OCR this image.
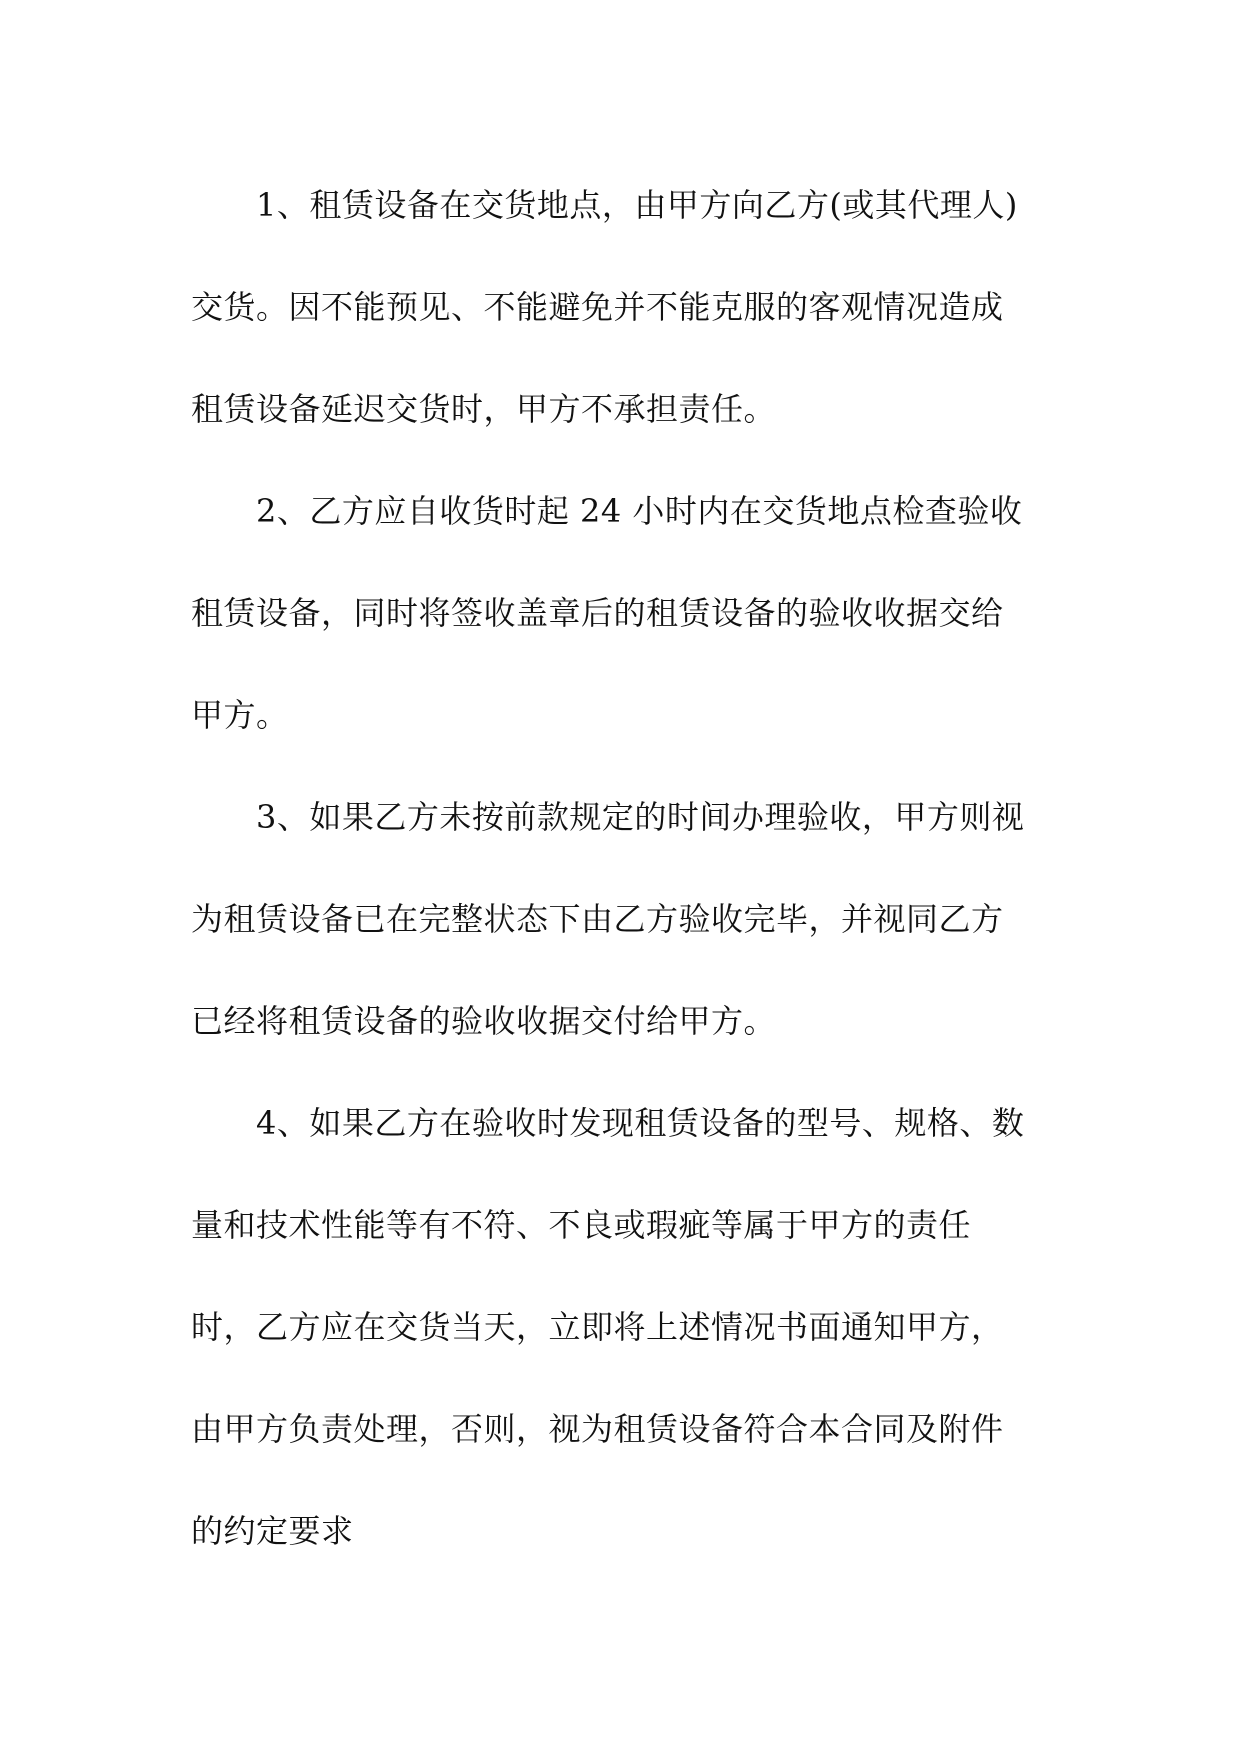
　　1、租赁设备在交货地点，由甲方向乙方(或其代理人)
交货。因不能预见、不能避免并不能克服的客观情况造成
租赁设备延迟交货时，甲方不承担责任。
　　2、乙方应自收货时起 24 小时内在交货地点检查验收
租赁设备，同时将签收盖章后的租赁设备的验收收据交给
甲方。
　　3、如果乙方未按前款规定的时间办理验收，甲方则视
为租赁设备已在完整状态下由乙方验收完毕，并视同乙方
已经将租赁设备的验收收据交付给甲方。
　　4、如果乙方在验收时发现租赁设备的型号、规格、数
量和技术性能等有不符、不良或瑕疵等属于甲方的责任
时，乙方应在交货当天，立即将上述情况书面通知甲方，
由甲方负责处理，否则，视为租赁设备符合本合同及附件
的约定要求
